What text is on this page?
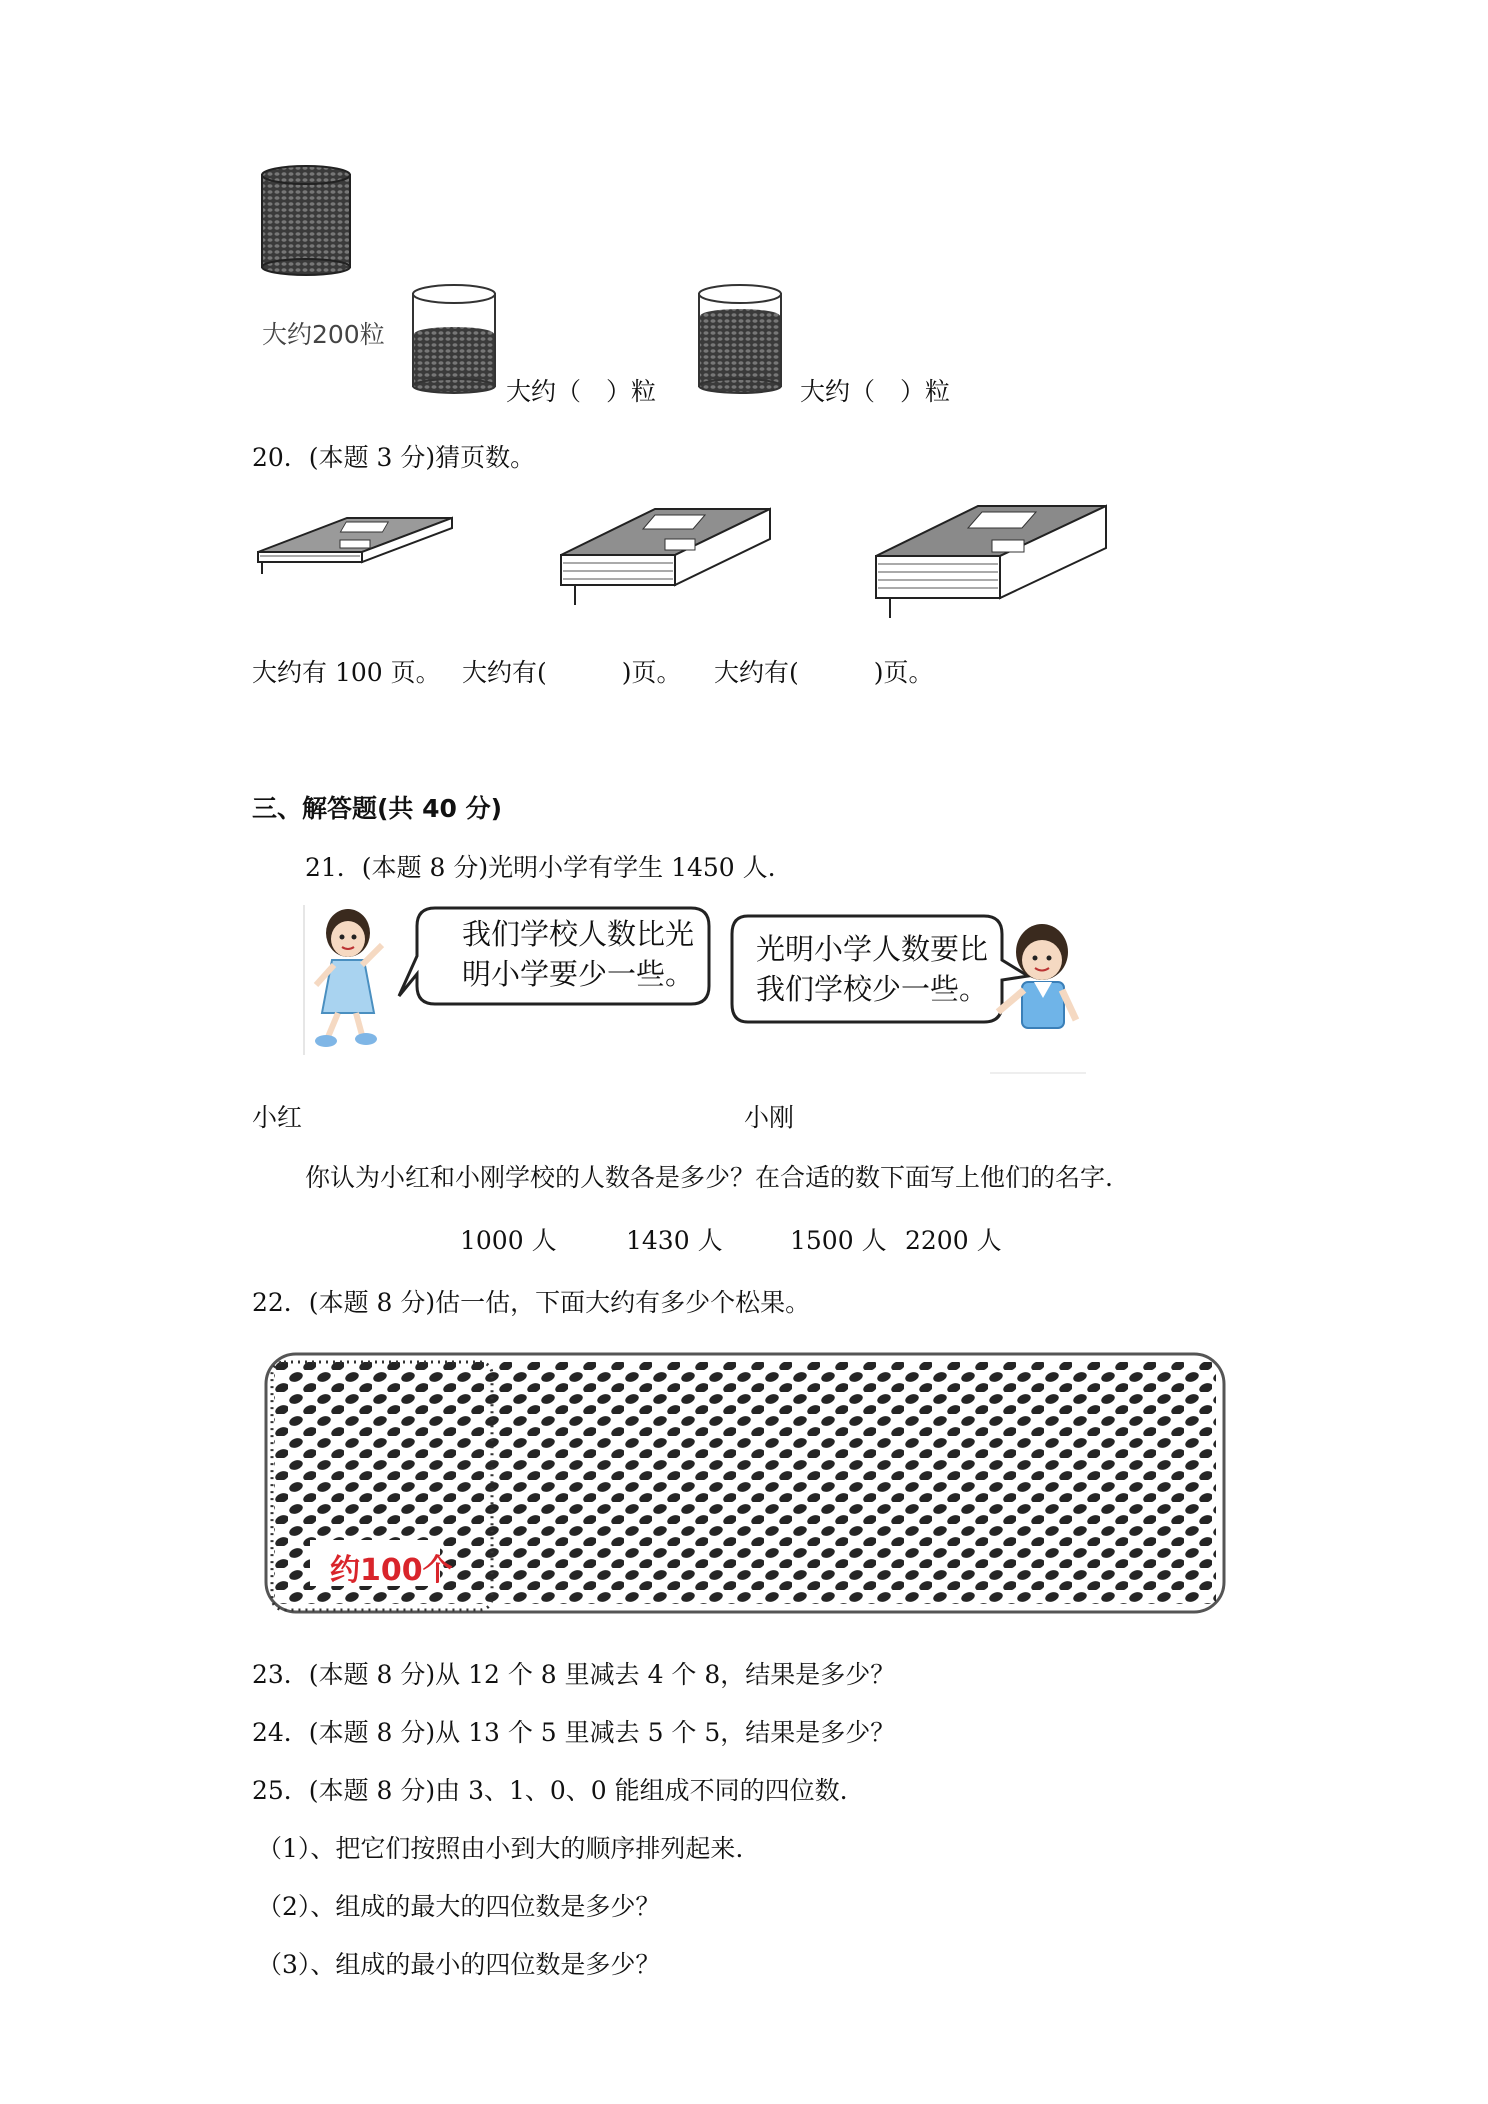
大约200粒
大约（　）粒	大约（　）粒
20．(本题 3 分)猜页数。
大约有 100 页。 大约有(　　　)页。 大约有(　　　)页。
三、解答题(共 40 分)
21．(本题 8 分)光明小学有学生 1450 人.
我们学校人数比光
明小学要少一些。
光明小学人数要比
我们学校少一些。
小红	小刚
你认为小红和小刚学校的人数各是多少？在合适的数下面写上他们的名字.
1000 人	1430 人	1500 人 2200 人
22．(本题 8 分)估一估，下面大约有多少个松果。
约100个
23．(本题 8 分)从 12 个 8 里减去 4 个 8，结果是多少？
24．(本题 8 分)从 13 个 5 里减去 5 个 5，结果是多少？
25．(本题 8 分)由 3、1、0、0 能组成不同的四位数.
（1）、把它们按照由小到大的顺序排列起来.
（2）、组成的最大的四位数是多少？
（3）、组成的最小的四位数是多少？
